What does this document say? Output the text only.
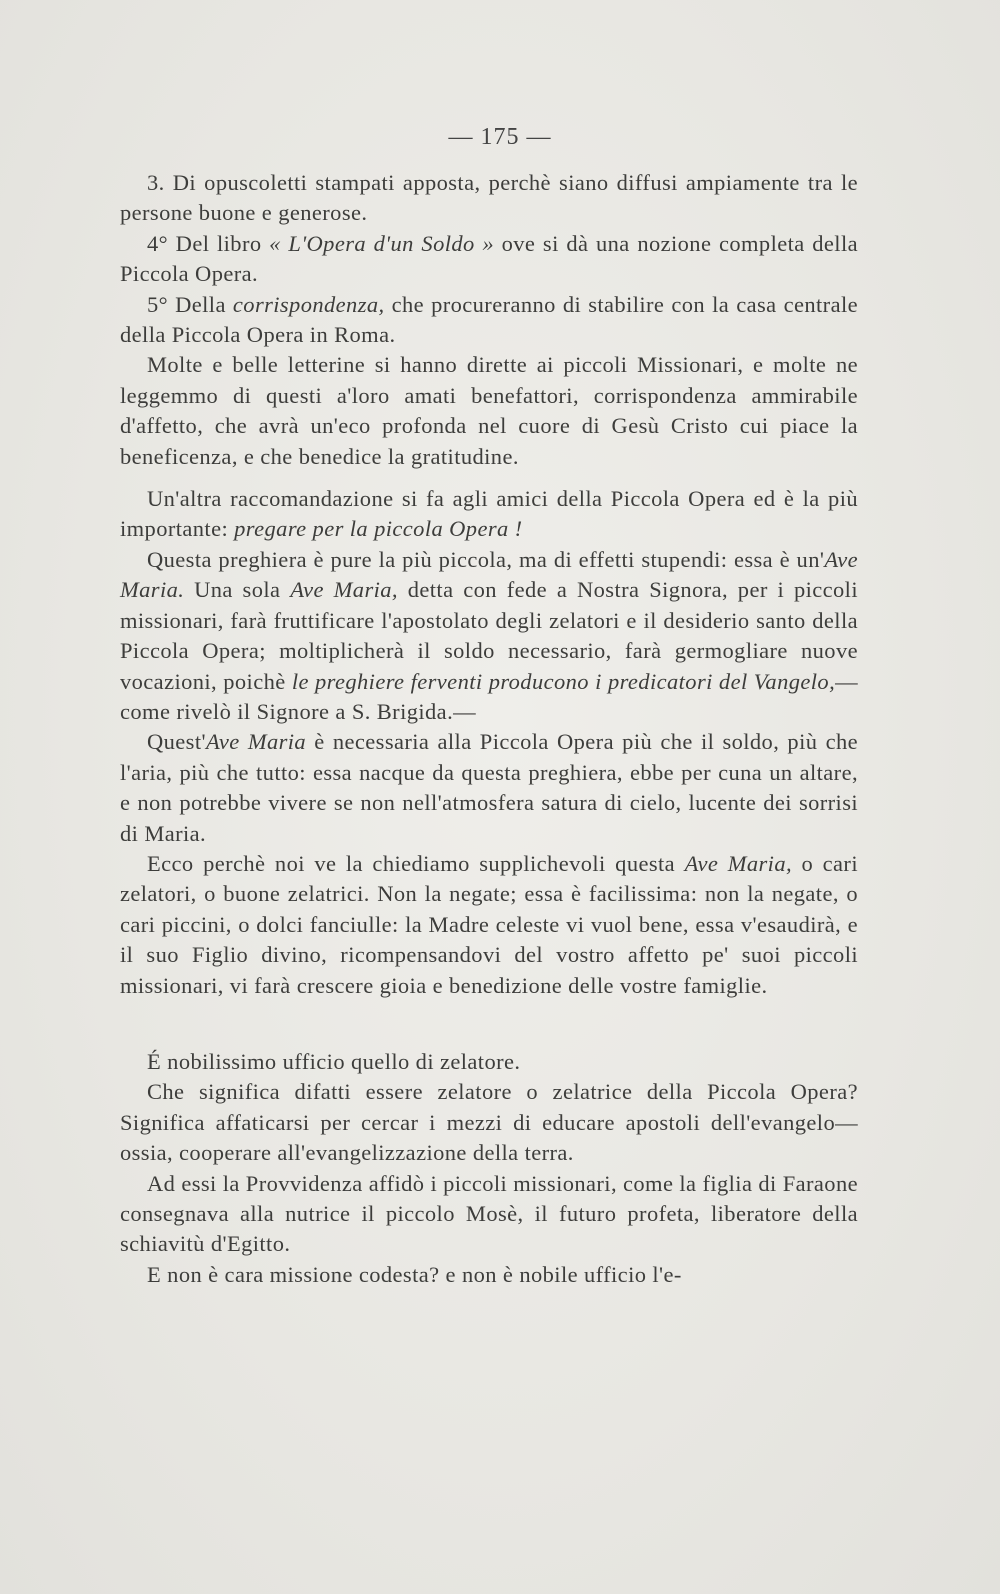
— 175 —

3. Di opuscoletti stampati apposta, perchè siano diffusi ampiamente tra le persone buone e generose.

4° Del libro « L'Opera d'un Soldo » ove si dà una nozione completa della Piccola Opera.

5° Della corrispondenza, che procureranno di stabilire con la casa centrale della Piccola Opera in Roma.

Molte e belle letterine si hanno dirette ai piccoli Missionari, e molte ne leggemmo di questi a'loro amati benefattori, corrispondenza ammirabile d'affetto, che avrà un'eco profonda nel cuore di Gesù Cristo cui piace la beneficenza, e che benedice la gratitudine.

Un'altra raccomandazione si fa agli amici della Piccola Opera ed è la più importante: pregare per la piccola Opera !

Questa preghiera è pure la più piccola, ma di effetti stupendi: essa è un'Ave Maria. Una sola Ave Maria, detta con fede a Nostra Signora, per i piccoli missionari, farà fruttificare l'apostolato degli zelatori e il desiderio santo della Piccola Opera; moltiplicherà il soldo necessario, farà germogliare nuove vocazioni, poichè le preghiere ferventi producono i predicatori del Vangelo,— come rivelò il Signore a S. Brigida.—

Quest'Ave Maria è necessaria alla Piccola Opera più che il soldo, più che l'aria, più che tutto: essa nacque da questa preghiera, ebbe per cuna un altare, e non potrebbe vivere se non nell'atmosfera satura di cielo, lucente dei sorrisi di Maria.

Ecco perchè noi ve la chiediamo supplichevoli questa Ave Maria, o cari zelatori, o buone zelatrici. Non la negate; essa è facilissima: non la negate, o cari piccini, o dolci fanciulle: la Madre celeste vi vuol bene, essa v'esaudirà, e il suo Figlio divino, ricompensandovi del vostro affetto pe' suoi piccoli missionari, vi farà crescere gioia e benedizione delle vostre famiglie.

É nobilissimo ufficio quello di zelatore.

Che significa difatti essere zelatore o zelatrice della Piccola Opera? Significa affaticarsi per cercar i mezzi di educare apostoli dell'evangelo—ossia, cooperare all'evangelizzazione della terra.

Ad essi la Provvidenza affidò i piccoli missionari, come la figlia di Faraone consegnava alla nutrice il piccolo Mosè, il futuro profeta, liberatore della schiavitù d'Egitto.

E non è cara missione codesta? e non è nobile ufficio l'e-
